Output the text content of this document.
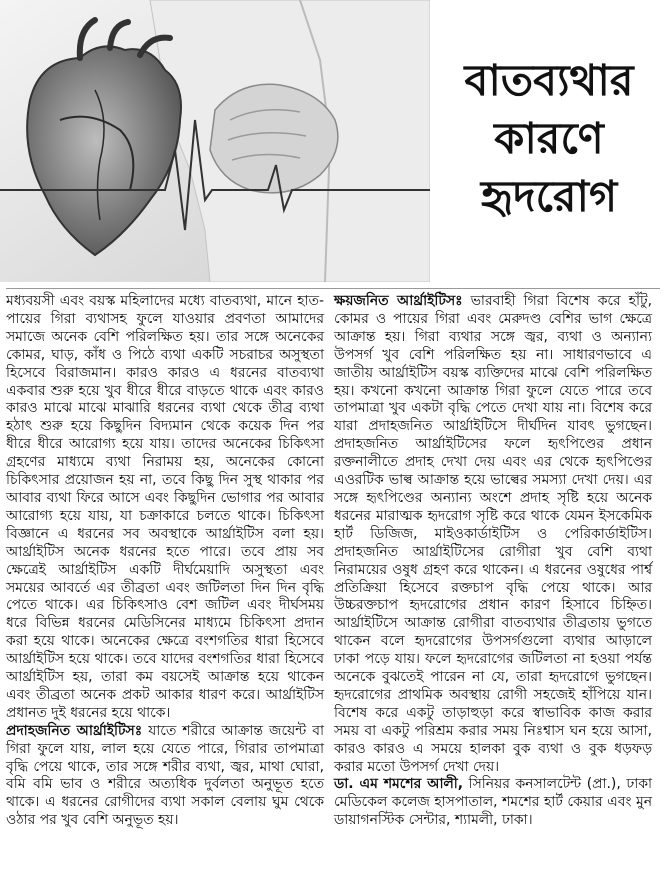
বাতব্যথার
কারণে
হৃদরোগ

মধ্যবয়সী এবং বয়স্ক মহিলাদের মধ্যে বাতব্যথা, মানে হাত-পায়ের গিরা ব্যথাসহ ফুলে যাওয়ার প্রবণতা আমাদের সমাজে অনেক বেশি পরিলক্ষিত হয়। তার সঙ্গে অনেকের কোমর, ঘাড়, কাঁধ ও পিঠে ব্যথা একটি সচরাচর অসুস্থতা হিসেবে বিরাজমান। কারও কারও এ ধরনের বাতব্যথা একবার শুরু হয়ে খুব ধীরে ধীরে বাড়তে থাকে এবং কারও কারও মাঝে মাঝে মাঝারি ধরনের ব্যথা থেকে তীব্র ব্যথা হঠাৎ শুরু হয়ে কিছুদিন বিদ্যমান থেকে কয়েক দিন পর ধীরে ধীরে আরোগ্য হয়ে যায়। তাদের অনেকের চিকিৎসা গ্রহণের মাধ্যমে ব্যথা নিরাময় হয়, অনেকের কোনো চিকিৎসার প্রয়োজন হয় না, তবে কিছু দিন সুস্থ থাকার পর আবার ব্যথা ফিরে আসে এবং কিছুদিন ভোগার পর আবার আরোগ্য হয়ে যায়, যা চক্রাকারে চলতে থাকে। চিকিৎসা বিজ্ঞানে এ ধরনের সব অবস্থাকে আর্থ্রাইটিস বলা হয়। আর্থ্রাইটিস অনেক ধরনের হতে পারে। তবে প্রায় সব ক্ষেত্রেই আর্থ্রাইটিস একটি দীর্ঘমেয়াদি অসুস্থতা এবং সময়ের আবর্তে এর তীব্রতা এবং জটিলতা দিন দিন বৃদ্ধি পেতে থাকে। এর চিকিৎসাও বেশ জটিল এবং দীর্ঘসময় ধরে বিভিন্ন ধরনের মেডিসিনের মাধ্যমে চিকিৎসা প্রদান করা হয়ে থাকে। অনেকের ক্ষেত্রে বংশগতির ধারা হিসেবে আর্থ্রাইটিস হয়ে থাকে। তবে যাদের বংশগতির ধারা হিসেবে আর্থ্রাইটিস হয়, তারা কম বয়সেই আক্রান্ত হয়ে থাকেন এবং তীব্রতা অনেক প্রকট আকার ধারণ করে। আর্থ্রাইটিস প্রধানত দুই ধরনের হয়ে থাকে।

প্রদাহজনিত আর্থ্রাইটিসঃ যাতে শরীরে আক্রান্ত জয়েন্ট বা গিরা ফুলে যায়, লাল হয়ে যেতে পারে, গিরার তাপমাত্রা বৃদ্ধি পেয়ে থাকে, তার সঙ্গে শরীর ব্যথা, জ্বর, মাথা ঘোরা, বমি বমি ভাব ও শরীরে অত্যধিক দুর্বলতা অনুভূত হতে থাকে। এ ধরনের রোগীদের ব্যথা সকাল বেলায় ঘুম থেকে ওঠার পর খুব বেশি অনুভূত হয়।

ক্ষয়জনিত আর্থ্রাইটিসঃ ভারবাহী গিরা বিশেষ করে হাঁটু, কোমর ও পায়ের গিরা এবং মেরুদণ্ড বেশির ভাগ ক্ষেত্রে আক্রান্ত হয়। গিরা ব্যথার সঙ্গে জ্বর, ব্যথা ও অন্যান্য উপসর্গ খুব বেশি পরিলক্ষিত হয় না। সাধারণভাবে এ জাতীয় আর্থ্রাইটিস বয়স্ক ব্যক্তিদের মাঝে বেশি পরিলক্ষিত হয়। কখনো কখনো আক্রান্ত গিরা ফুলে যেতে পারে তবে তাপমাত্রা খুব একটা বৃদ্ধি পেতে দেখা যায় না। বিশেষ করে যারা প্রদাহজনিত আর্থ্রাইটিসে দীর্ঘদিন যাবৎ ভুগছেন। প্রদাহজনিত আর্থ্রাইটিসের ফলে হৃৎপিণ্ডের প্রধান রক্তনালীতে প্রদাহ দেখা দেয় এবং এর থেকে হৃৎপিণ্ডের এওরটিক ভাল্ব আক্রান্ত হয়ে ভাল্বের সমস্যা দেখা দেয়। এর সঙ্গে হৃৎপিণ্ডের অন্যান্য অংশে প্রদাহ সৃষ্টি হয়ে অনেক ধরনের মারাত্মক হৃদরোগ সৃষ্টি করে থাকে যেমন ইসকেমিক হার্ট ডিজিজ, মাইওকার্ডাইটিস ও পেরিকার্ডাইটিস। প্রদাহজনিত আর্থ্রাইটিসের রোগীরা খুব বেশি ব্যথা নিরাময়ের ওষুধ গ্রহণ করে থাকেন। এ ধরনের ওষুধের পার্শ্ব প্রতিক্রিয়া হিসেবে রক্তচাপ বৃদ্ধি পেয়ে থাকে। আর উচ্চরক্তচাপ হৃদরোগের প্রধান কারণ হিসাবে চিহ্নিত। আর্থ্রাইটিসে আক্রান্ত রোগীরা বাতব্যথার তীব্রতায় ভুগতে থাকেন বলে হৃদরোগের উপসর্গগুলো ব্যথার আড়ালে ঢাকা পড়ে যায়। ফলে হৃদরোগের জটিলতা না হওয়া পর্যন্ত অনেকে বুঝতেই পারেন না যে, তারা হৃদরোগে ভুগছেন। হৃদরোগের প্রাথমিক অবস্থায় রোগী সহজেই হাঁপিয়ে যান। বিশেষ করে একটু তাড়াহুড়া করে স্বাভাবিক কাজ করার সময় বা একটু পরিশ্রম করার সময় নিঃশ্বাস ঘন হয়ে আসা, কারও কারও এ সময়ে হালকা বুক ব্যথা ও বুক ধড়ফড় করার মতো উপসর্গ দেখা দেয়।

ডা. এম শমশের আলী, সিনিয়র কনসালটেন্ট (প্রা.), ঢাকা মেডিকেল কলেজ হাসপাতাল, শমশের হার্ট কেয়ার এবং মুন ডায়াগনস্টিক সেন্টার, শ্যামলী, ঢাকা।
